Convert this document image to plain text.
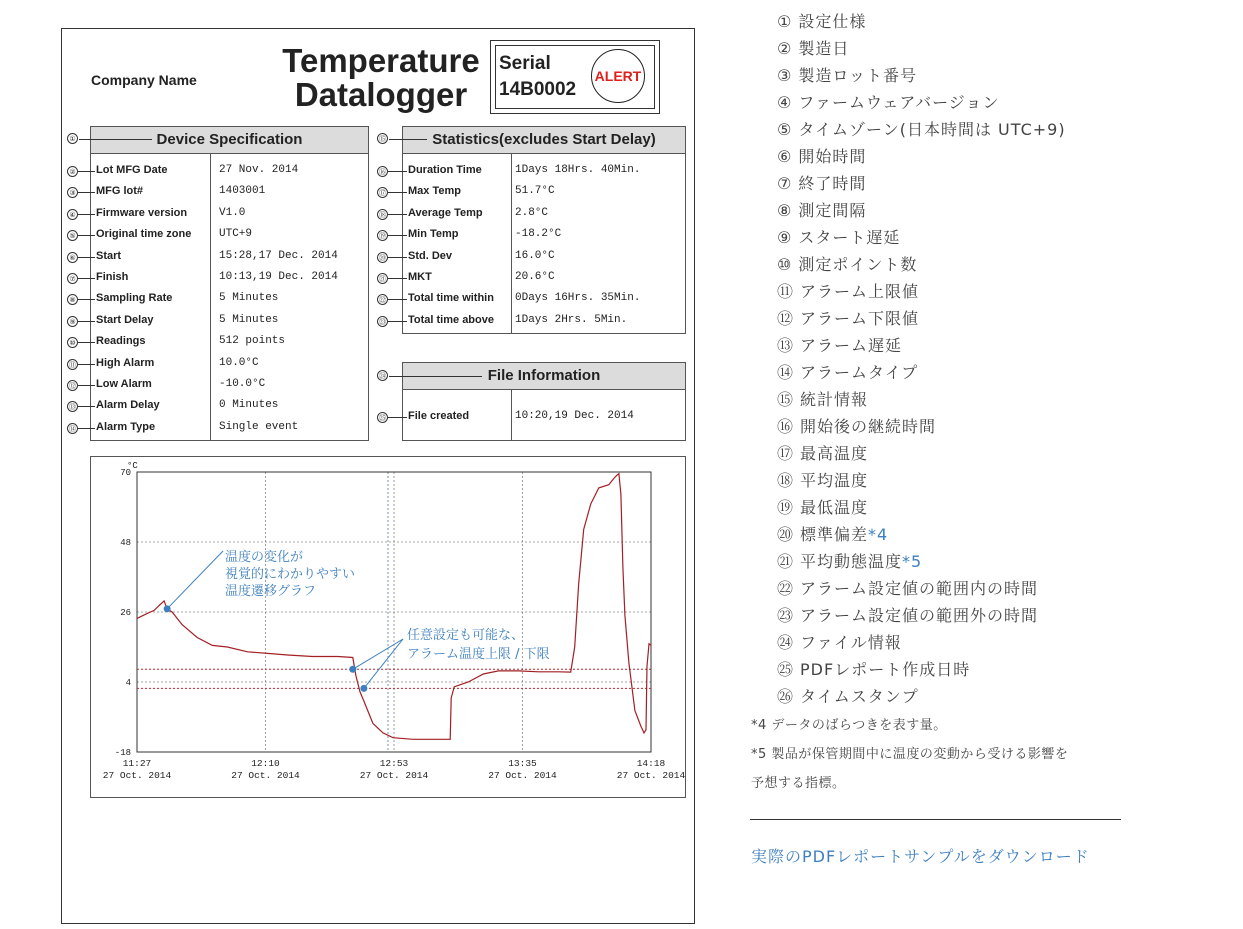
Company Name
Temperature
Datalogger
Serial
14B0002
ALERT
Device Specification
② Lot MFG Date	27 Nov. 2014
③ MFG lot#	1403001
④ Firmware version	V1.0
⑤ Original time zone	UTC+9
⑥ Start	15:28,17 Dec. 2014
⑦ Finish	10:13,19 Dec. 2014
⑧ Sampling Rate	5 Minutes
⑨ Start Delay	5 Minutes
⑩ Readings	512 points
⑪ High Alarm	10.0°C
⑫ Low Alarm	-10.0°C
⑬ Alarm Delay	0 Minutes
⑭ Alarm Type	Single event
Statistics(excludes Start Delay)
⑯ Duration Time	1Days 18Hrs. 40Min.
⑰ Max Temp	51.7°C
⑱ Average Temp	2.8°C
⑲ Min Temp	-18.2°C
⑳ Std. Dev	16.0°C
㉑ MKT	20.6°C
㉒ Total time within 0Days 16Hrs. 35Min.
㉓ Total time above 1Days 2Hrs. 5Min.
File Information
㉕ File created	10:20,19 Dec. 2014
70
48
26
4
-18
°C
11:27
27 Oct. 2014
12:10
27 Oct. 2014
12:53
27 Oct. 2014
13:35
27 Oct. 2014
14:18
27 Oct. 2014
温度の変化が
視覚的にわかりやすい
温度遷移グラフ
任意設定も可能な、
アラーム温度上限 / 下限
① 設定仕様
② 製造日
③ 製造ロット番号
④ ファームウェアバージョン
⑤ タイムゾーン(日本時間は UTC+9)
⑥ 開始時間
⑦ 終了時間
⑧ 測定間隔
⑨ スタート遅延
⑩ 測定ポイント数
⑪ アラーム上限値
⑫ アラーム下限値
⑬ アラーム遅延
⑭ アラームタイプ
⑮ 統計情報
⑯ 開始後の継続時間
⑰ 最高温度
⑱ 平均温度
⑲ 最低温度
⑳ 標準偏差*4
㉑ 平均動態温度*5
㉒ アラーム設定値の範囲内の時間
㉓ アラーム設定値の範囲外の時間
㉔ ファイル情報
㉕ PDFレポート作成日時
㉖ タイムスタンプ
*4 データのばらつきを表す量。
*5 製品が保管期間中に温度の変動から受ける影響を
予想する指標。
実際のPDFレポートサンプルをダウンロード
①	⑮
㉔
